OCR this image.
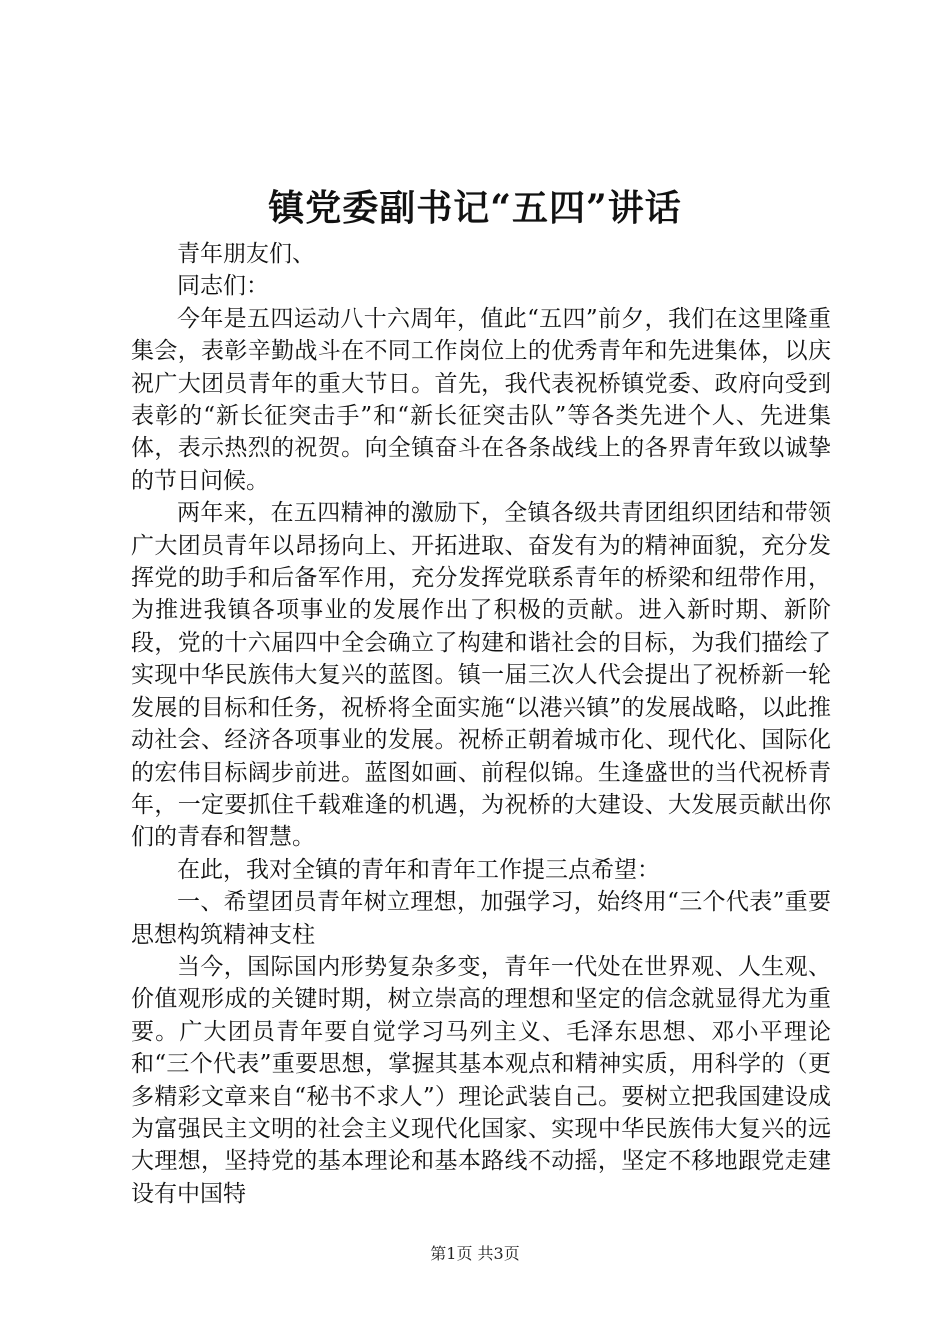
镇党委副书记“五四”讲话

青年朋友们、

同志们：

今年是五四运动八十六周年，值此“五四”前夕，我们在这里隆重集会，表彰辛勤战斗在不同工作岗位上的优秀青年和先进集体，以庆祝广大团员青年的重大节日。首先，我代表祝桥镇党委、政府向受到表彰的“新长征突击手”和“新长征突击队”等各类先进个人、先进集体，表示热烈的祝贺。向全镇奋斗在各条战线上的各界青年致以诚挚的节日问候。

两年来，在五四精神的激励下，全镇各级共青团组织团结和带领广大团员青年以昂扬向上、开拓进取、奋发有为的精神面貌，充分发挥党的助手和后备军作用，充分发挥党联系青年的桥梁和纽带作用，为推进我镇各项事业的发展作出了积极的贡献。进入新时期、新阶段，党的十六届四中全会确立了构建和谐社会的目标，为我们描绘了实现中华民族伟大复兴的蓝图。镇一届三次人代会提出了祝桥新一轮发展的目标和任务，祝桥将全面实施“以港兴镇”的发展战略，以此推动社会、经济各项事业的发展。祝桥正朝着城市化、现代化、国际化的宏伟目标阔步前进。蓝图如画、前程似锦。生逢盛世的当代祝桥青年，一定要抓住千载难逢的机遇，为祝桥的大建设、大发展贡献出你们的青春和智慧。

在此，我对全镇的青年和青年工作提三点希望：

一、希望团员青年树立理想，加强学习，始终用“三个代表”重要思想构筑精神支柱

当今，国际国内形势复杂多变，青年一代处在世界观、人生观、价值观形成的关键时期，树立崇高的理想和坚定的信念就显得尤为重要。广大团员青年要自觉学习马列主义、毛泽东思想、邓小平理论和“三个代表”重要思想，掌握其基本观点和精神实质，用科学的（更多精彩文章来自“秘书不求人”）理论武装自己。要树立把我国建设成为富强民主文明的社会主义现代化国家、实现中华民族伟大复兴的远大理想，坚持党的基本理论和基本路线不动摇，坚定不移地跟党走建设有中国特

第1页 共3页
